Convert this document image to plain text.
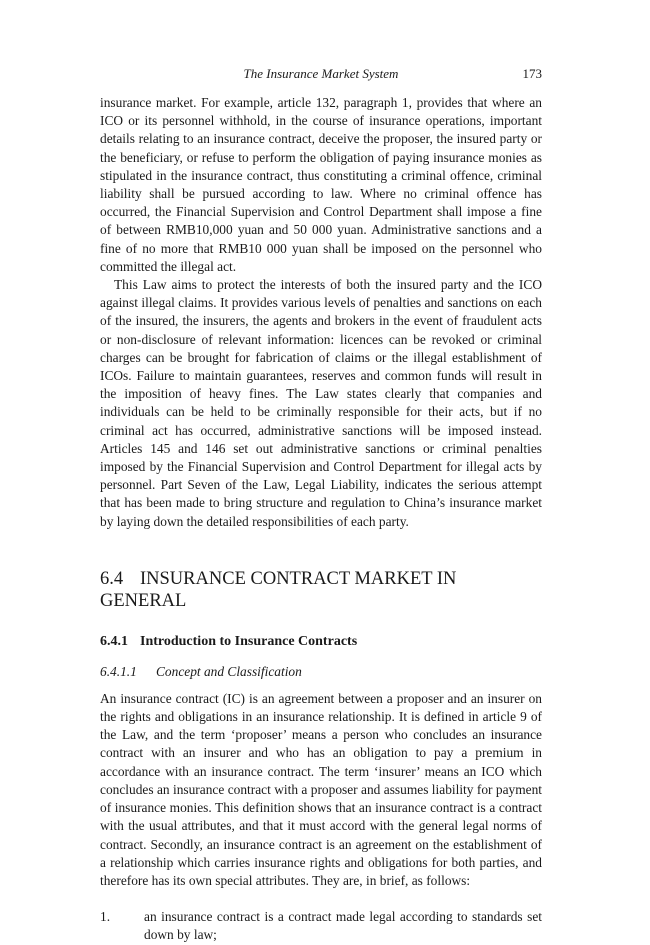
The Insurance Market System	173

insurance market. For example, article 132, paragraph 1, provides that where an ICO or its personnel withhold, in the course of insurance operations, important details relating to an insurance contract, deceive the proposer, the insured party or the beneficiary, or refuse to perform the obligation of paying insurance monies as stipulated in the insurance contract, thus constituting a criminal offence, criminal liability shall be pursued according to law. Where no criminal offence has occurred, the Financial Supervision and Control Department shall impose a fine of between RMB10,000 yuan and 50 000 yuan. Administrative sanctions and a fine of no more that RMB10 000 yuan shall be imposed on the personnel who committed the illegal act.

This Law aims to protect the interests of both the insured party and the ICO against illegal claims. It provides various levels of penalties and sanctions on each of the insured, the insurers, the agents and brokers in the event of fraudulent acts or non-disclosure of relevant information: licences can be revoked or criminal charges can be brought for fabrication of claims or the illegal establishment of ICOs. Failure to maintain guarantees, reserves and common funds will result in the imposition of heavy fines. The Law states clearly that companies and individuals can be held to be criminally responsible for their acts, but if no criminal act has occurred, administrative sanctions will be imposed instead. Articles 145 and 146 set out administrative sanctions or criminal penalties imposed by the Financial Supervision and Control Department for illegal acts by personnel. Part Seven of the Law, Legal Liability, indicates the serious attempt that has been made to bring structure and regulation to China’s insurance market by laying down the detailed responsibilities of each party.

6.4 INSURANCE CONTRACT MARKET IN GENERAL
6.4.1 Introduction to Insurance Contracts
6.4.1.1 Concept and Classification

An insurance contract (IC) is an agreement between a proposer and an insurer on the rights and obligations in an insurance relationship. It is defined in article 9 of the Law, and the term ‘proposer’ means a person who concludes an insurance contract with an insurer and who has an obligation to pay a premium in accordance with an insurance contract. The term ‘insurer’ means an ICO which concludes an insurance contract with a proposer and assumes liability for payment of insurance monies. This definition shows that an insurance contract is a contract with the usual attributes, and that it must accord with the general legal norms of contract. Secondly, an insurance contract is an agreement on the establishment of a relationship which carries insurance rights and obligations for both parties, and therefore has its own special attributes. They are, in brief, as follows:

1.	an insurance contract is a contract made legal according to standards set down by law;
